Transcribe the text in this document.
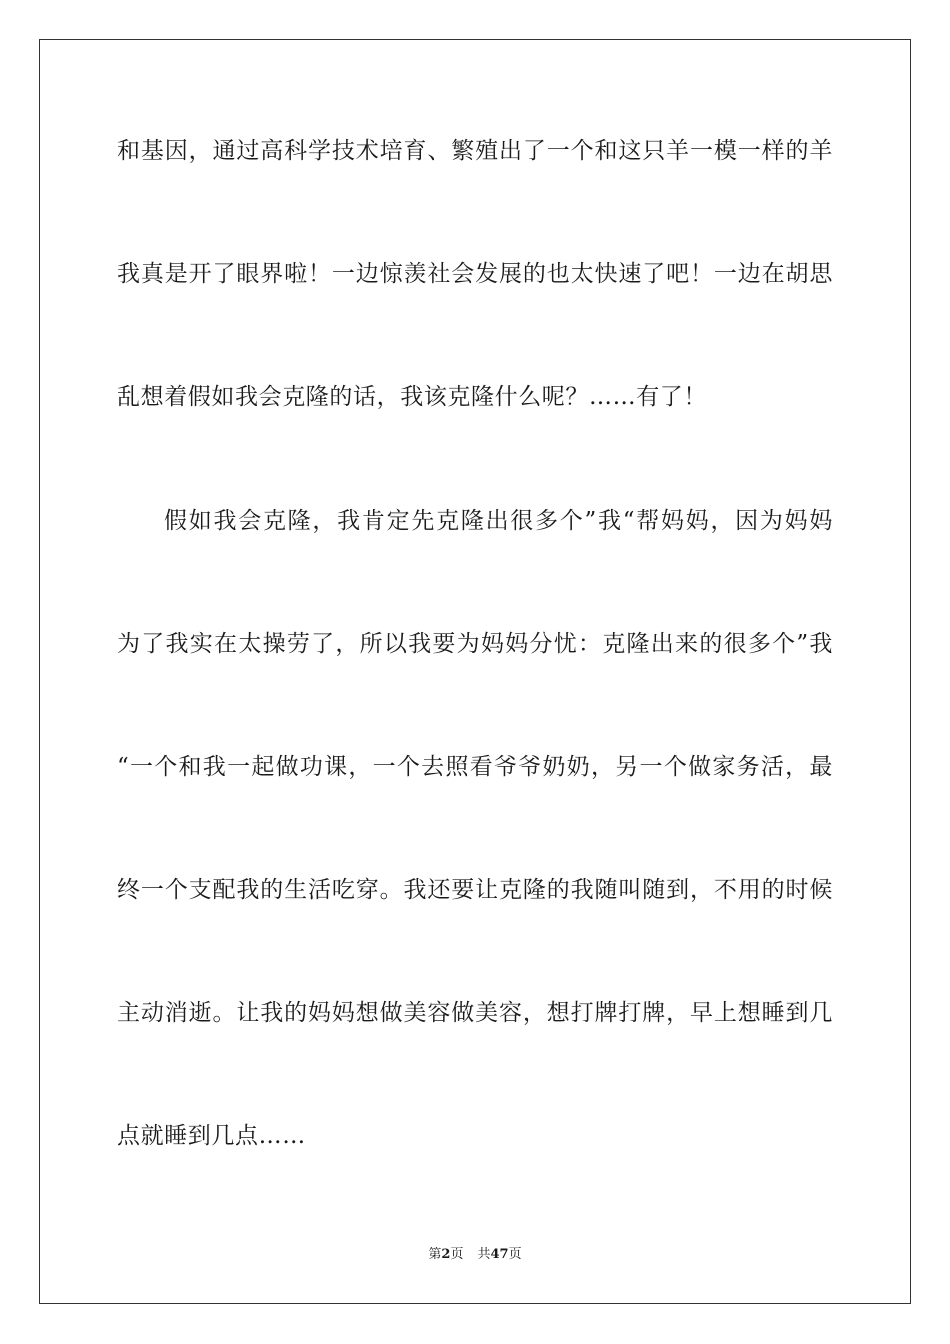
和基因，通过高科学技术培育、繁殖出了一个和这只羊一模一样的羊
我真是开了眼界啦！一边惊羡社会发展的也太快速了吧！一边在胡思
乱想着假如我会克隆的话，我该克隆什么呢？……有了！
假如我会克隆，我肯定先克隆出很多个”我“帮妈妈，因为妈妈
为了我实在太操劳了，所以我要为妈妈分忧：克隆出来的很多个”我
“一个和我一起做功课，一个去照看爷爷奶奶，另一个做家务活，最
终一个支配我的生活吃穿。我还要让克隆的我随叫随到，不用的时候
主动消逝。让我的妈妈想做美容做美容，想打牌打牌，早上想睡到几
点就睡到几点……
第2页 共47页
